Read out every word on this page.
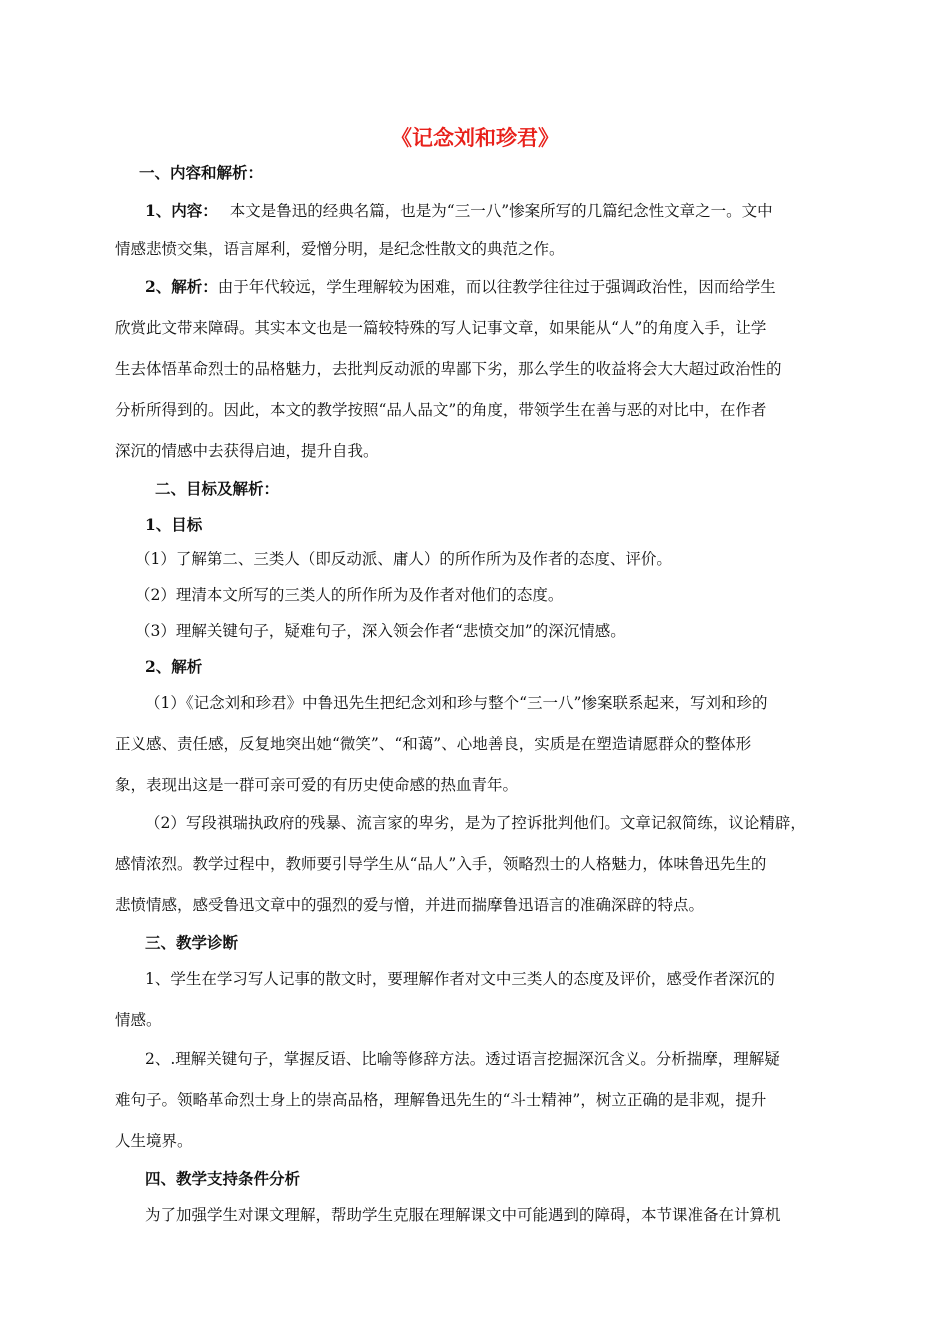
《记念刘和珍君》
一、内容和解析：
1、内容： 本文是鲁迅的经典名篇，也是为“三一八”惨案所写的几篇纪念性文章之一。文中
情感悲愤交集，语言犀利，爱憎分明，是纪念性散文的典范之作。
2、解析：由于年代较远，学生理解较为困难，而以往教学往往过于强调政治性，因而给学生
欣赏此文带来障碍。其实本文也是一篇较特殊的写人记事文章，如果能从“人”的角度入手，让学
生去体悟革命烈士的品格魅力，去批判反动派的卑鄙下劣，那么学生的收益将会大大超过政治性的
分析所得到的。因此，本文的教学按照“品人品文”的角度，带领学生在善与恶的对比中，在作者
深沉的情感中去获得启迪，提升自我。
二、目标及解析：
1、目标
（1）了解第二、三类人（即反动派、庸人）的所作所为及作者的态度、评价。
（2）理清本文所写的三类人的所作所为及作者对他们的态度。
（3）理解关键句子，疑难句子，深入领会作者“悲愤交加”的深沉情感。
2、解析
（1）《记念刘和珍君》中鲁迅先生把纪念刘和珍与整个“三一八”惨案联系起来，写刘和珍的
正义感、责任感，反复地突出她“微笑”、“和蔼”、心地善良，实质是在塑造请愿群众的整体形
象，表现出这是一群可亲可爱的有历史使命感的热血青年。
（2）写段祺瑞执政府的残暴、流言家的卑劣，是为了控诉批判他们。文章记叙简练，议论精辟，
感情浓烈。教学过程中，教师要引导学生从“品人”入手，领略烈士的人格魅力，体味鲁迅先生的
悲愤情感，感受鲁迅文章中的强烈的爱与憎，并进而揣摩鲁迅语言的准确深辟的特点。
三、教学诊断
1、学生在学习写人记事的散文时，要理解作者对文中三类人的态度及评价，感受作者深沉的
情感。
2、.理解关键句子，掌握反语、比喻等修辞方法。透过语言挖掘深沉含义。分析揣摩，理解疑
难句子。领略革命烈士身上的崇高品格，理解鲁迅先生的“斗士精神”，树立正确的是非观，提升
人生境界。
四、教学支持条件分析
为了加强学生对课文理解，帮助学生克服在理解课文中可能遇到的障碍，本节课准备在计算机
